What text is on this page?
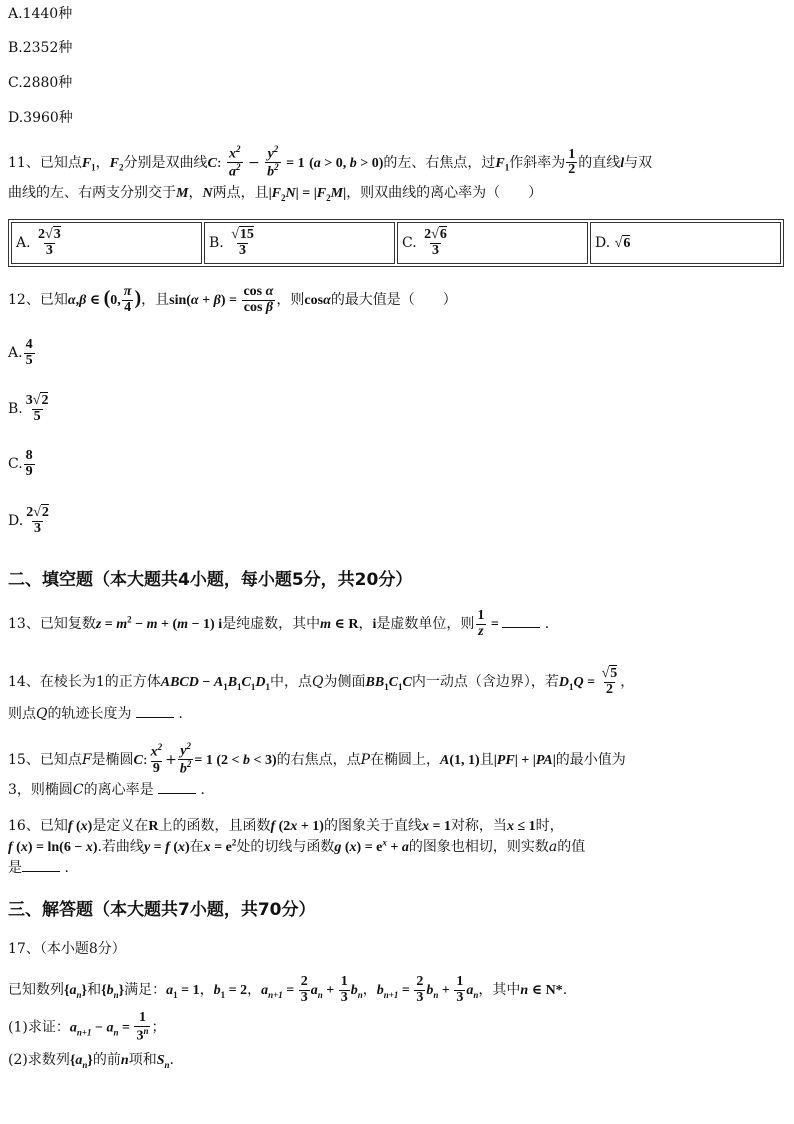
A.1440种
B.2352种
C.2880种
D.3960种
11、已知点$F_1$，$F_2$分别是双曲线C: $\frac{x^2}{a^2} - \frac{y^2}{b^2} = 1$ (a > 0, b > 0)的左、右焦点，过$F_1$作斜率为 $\frac{1}{2}$ 的直线l与双
曲线的左、右两支分别交于M，N两点，且$|F_2N| = |F_2M|$，则双曲线的离心率为（　　）
A. $\frac{2√3}{3}$	B. $\frac{√15}{3}$	C. $\frac{2√6}{3}$	D. √6
12、已知α,β ∈ (0, $\frac{\pi}{4}$ )，且$\sin(\alpha + \beta) = \frac{\text{cos α}}{\text{cos β}}$ ，则cosα的最大值是（　　）
A. $\frac{4}{5}$
B. $\frac{3√2}{5}$
C. $\frac{8}{9}$
D. $\frac{2√2}{3}$
二、填空题（本大题共4小题，每小题5分，共20分）
13、已知复数$z = m^2 - m + (m - 1)$ i是纯虚数，其中m ∈ R，i是虚数单位，则 $\frac{1}{z}$ =	.
14、在棱长为1的正方体ABCD − $A_1B_1C_1D_1$中，点Q为侧面$BB_1C_1C$内一动点（含边界），若$D_1Q = \frac{√5}{2}$ ，
则点Q的轨迹长度为	.
15、已知点F是椭圆C: $\frac{x^2}{9} + \frac{y^2}{b^2} = 1$ (2 < b < 3)的右焦点，点P在椭圆上，A(1, 1)且|PF| + |PA|的最小值为
3，则椭圆C的离心率是	.
16、已知f (x)是定义在R上的函数，且函数f (2x + 1)的图象关于直线x = 1对称，当x ≤ 1时，
f (x) = ln(6 − x).若曲线y = f (x)在$x = e^2$处的切线与函数g $(x) = e^x + a$的图象也相切，则实数a的值
是	.
三、解答题（本大题共7小题，共70分）
17、（本小题8分）
已知数列$\{a_n\}$和$\{b_n\}$满足：$a_1 = 1$，$b_1 = 2$，$a_{n+1} = \frac{2}{3} a_n + \frac{1}{3} b_n$，$b_{n+1} = \frac{2}{3} b_n + \frac{1}{3} a_n$，其中n ∈ N*.
(1)求证：$a_{n+1} - a_n = \frac{1}{3^n}$ ；
(2)求数列$\{a_n\}$的前n项和$S_n$.
